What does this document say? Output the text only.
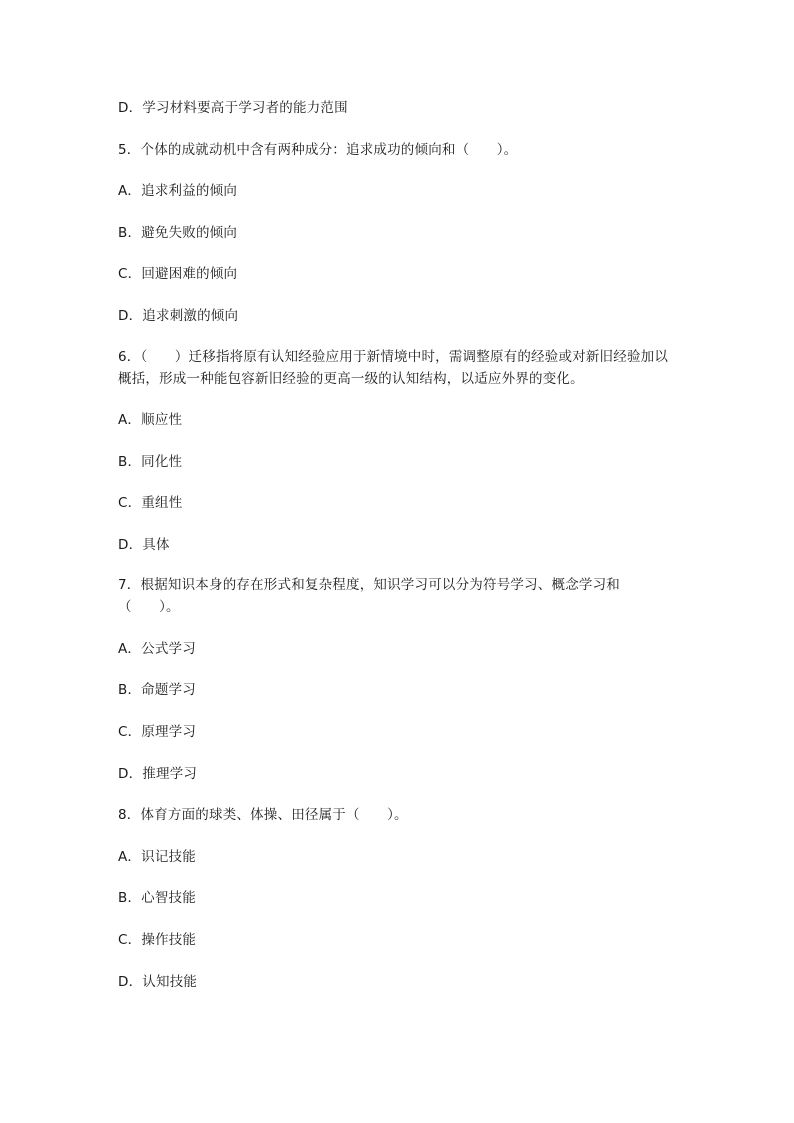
D．学习材料要高于学习者的能力范围
5．个体的成就动机中含有两种成分：追求成功的倾向和（　　）。
A．追求利益的倾向
B．避免失败的倾向
C．回避困难的倾向
D．追求刺激的倾向
6．（　　）迁移指将原有认知经验应用于新情境中时，需调整原有的经验或对新旧经验加以概括，形成一种能包容新旧经验的更高一级的认知结构，以适应外界的变化。
A．顺应性
B．同化性
C．重组性
D．具体
7．根据知识本身的存在形式和复杂程度，知识学习可以分为符号学习、概念学习和（　　）。
A．公式学习
B．命题学习
C．原理学习
D．推理学习
8．体育方面的球类、体操、田径属于（　　）。
A．识记技能
B．心智技能
C．操作技能
D．认知技能
